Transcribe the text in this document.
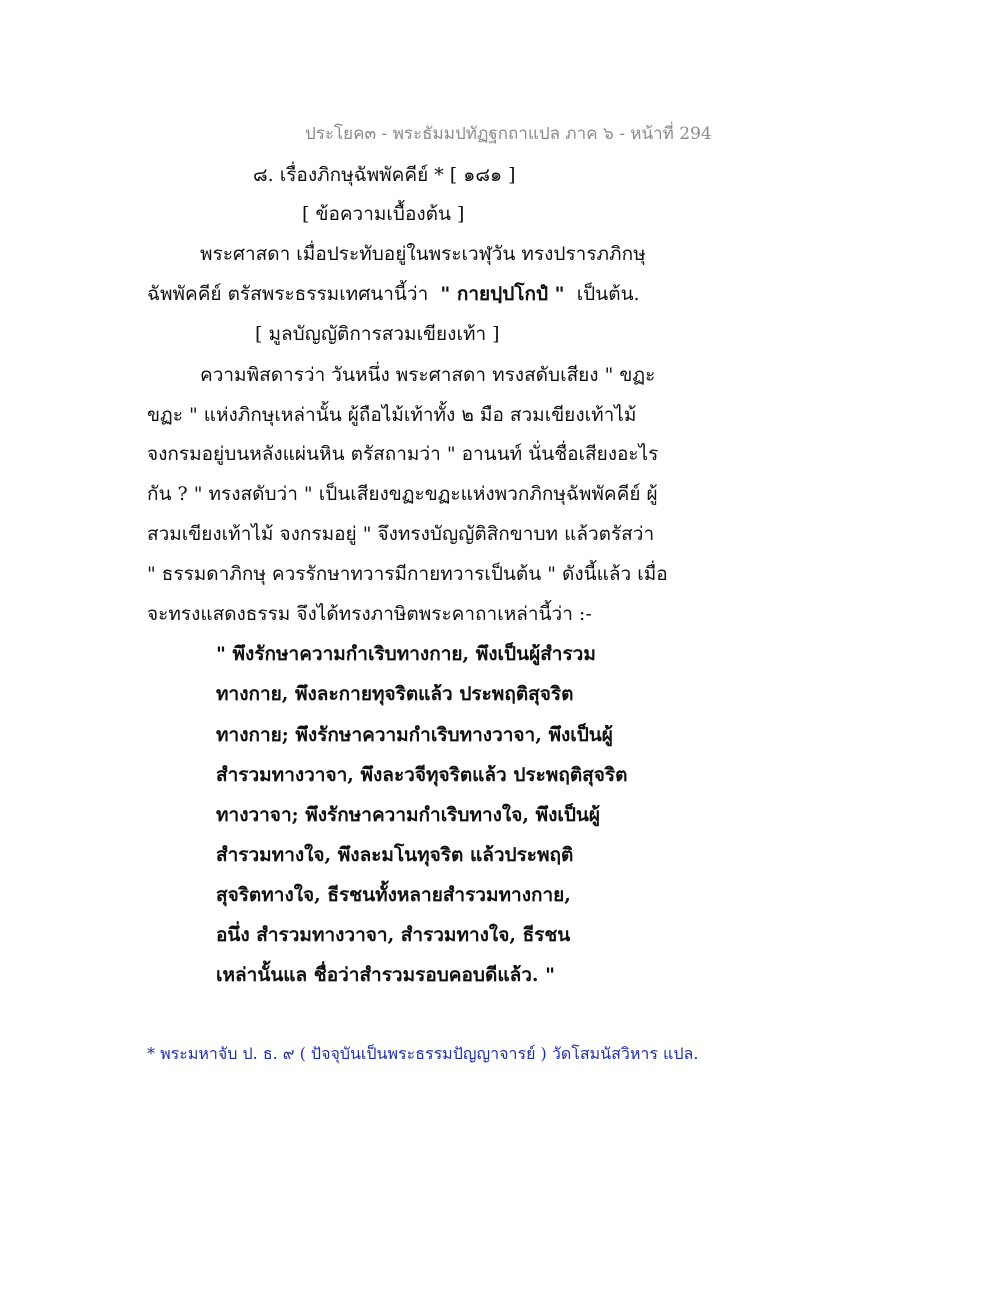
ประโยค๓ - พระธัมมปทัฏฐกถาแปล ภาค ๖ - หน้าที่ 294
๘. เรื่องภิกษุฉัพพัคคีย์ * [ ๑๘๑ ]
[ ข้อความเบื้องต้น ]
พระศาสดา เมื่อประทับอยู่ในพระเวฬุวัน ทรงปรารภภิกษุ
ฉัพพัคคีย์ ตรัสพระธรรมเทศนานี้ว่า " กายปฺปโกปํ " เป็นต้น.
[ มูลบัญญัติการสวมเขียงเท้า ]
ความพิสดารว่า วันหนึ่ง พระศาสดา ทรงสดับเสียง " ขฏะ
ขฏะ " แห่งภิกษุเหล่านั้น ผู้ถือไม้เท้าทั้ง ๒ มือ สวมเขียงเท้าไม้
จงกรมอยู่บนหลังแผ่นหิน ตรัสถามว่า " อานนท์ นั่นชื่อเสียงอะไร
กัน ? " ทรงสดับว่า " เป็นเสียงขฏะขฏะแห่งพวกภิกษุฉัพพัคคีย์ ผู้
สวมเขียงเท้าไม้ จงกรมอยู่ " จึงทรงบัญญัติสิกขาบท แล้วตรัสว่า
" ธรรมดาภิกษุ ควรรักษาทวารมีกายทวารเป็นต้น " ดังนี้แล้ว เมื่อ
จะทรงแสดงธรรม จึงได้ทรงภาษิตพระคาถาเหล่านี้ว่า :-
" พึงรักษาความกำเริบทางกาย, พึงเป็นผู้สำรวม
ทางกาย, พึงละกายทุจริตแล้ว ประพฤติสุจริต
ทางกาย; พึงรักษาความกำเริบทางวาจา, พึงเป็นผู้
สำรวมทางวาจา, พึงละวจีทุจริตแล้ว ประพฤติสุจริต
ทางวาจา; พึงรักษาความกำเริบทางใจ, พึงเป็นผู้
สำรวมทางใจ, พึงละมโนทุจริต แล้วประพฤติ
สุจริตทางใจ, ธีรชนทั้งหลายสำรวมทางกาย,
อนึ่ง สำรวมทางวาจา, สำรวมทางใจ, ธีรชน
เหล่านั้นแล ชื่อว่าสำรวมรอบคอบดีแล้ว. "
* พระมหาจับ ป. ธ. ๙ ( ปัจจุบันเป็นพระธรรมปัญญาจารย์ ) วัดโสมนัสวิหาร แปล.
